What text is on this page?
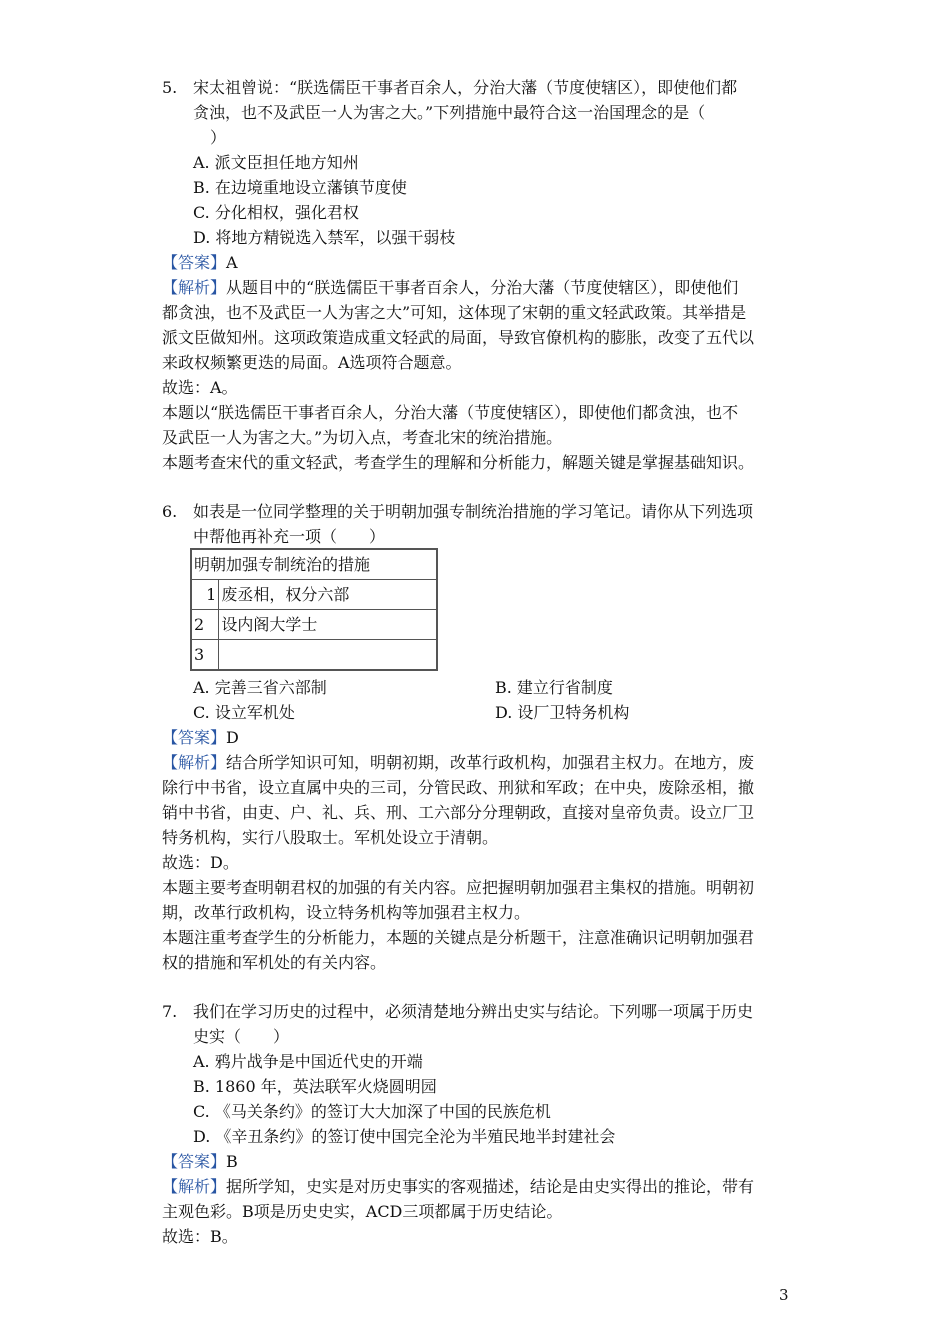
5. 宋太祖曾说：“朕选儒臣干事者百余人，分治大藩（节度使辖区），即使他们都
贪浊，也不及武臣一人为害之大。”下列措施中最符合这一治国理念的是（
）
A. 派文臣担任地方知州
B. 在边境重地设立藩镇节度使
C. 分化相权，强化君权
D. 将地方精锐选入禁军，以强干弱枝
【答案】A
【解析】从题目中的“朕选儒臣干事者百余人，分治大藩（节度使辖区），即使他们
都贪浊，也不及武臣一人为害之大”可知，这体现了宋朝的重文轻武政策。其举措是
派文臣做知州。这项政策造成重文轻武的局面，导致官僚机构的膨胀，改变了五代以
来政权频繁更迭的局面。A选项符合题意。
故选：A。
本题以“朕选儒臣干事者百余人，分治大藩（节度使辖区），即使他们都贪浊，也不
及武臣一人为害之大。”为切入点，考查北宋的统治措施。
本题考查宋代的重文轻武，考查学生的理解和分析能力，解题关键是掌握基础知识。
6. 如表是一位同学整理的关于明朝加强专制统治措施的学习笔记。请你从下列选项
中帮他再补充一项（　　）
明朝加强专制统治的措施	
1	废丞相，权分六部
2	设内阁大学士
3	
A. 完善三省六部制	B. 建立行省制度
C. 设立军机处	D. 设厂卫特务机构
【答案】D
【解析】结合所学知识可知，明朝初期，改革行政机构，加强君主权力。在地方，废
除行中书省，设立直属中央的三司，分管民政、刑狱和军政；在中央，废除丞相，撤
销中书省，由吏、户、礼、兵、刑、工六部分分理朝政，直接对皇帝负责。设立厂卫
特务机构，实行八股取士。军机处设立于清朝。
故选：D。
本题主要考查明朝君权的加强的有关内容。应把握明朝加强君主集权的措施。明朝初
期，改革行政机构，设立特务机构等加强君主权力。
本题注重考查学生的分析能力，本题的关键点是分析题干，注意准确识记明朝加强君
权的措施和军机处的有关内容。
7. 我们在学习历史的过程中，必须清楚地分辨出史实与结论。下列哪一项属于历史
史实（　　）
A. 鸦片战争是中国近代史的开端
B. 1860 年，英法联军火烧圆明园
C. 《马关条约》的签订大大加深了中国的民族危机
D. 《辛丑条约》的签订使中国完全沦为半殖民地半封建社会
【答案】B
【解析】据所学知，史实是对历史事实的客观描述，结论是由史实得出的推论，带有
主观色彩。B项是历史史实，ACD三项都属于历史结论。
故选：B。
3
